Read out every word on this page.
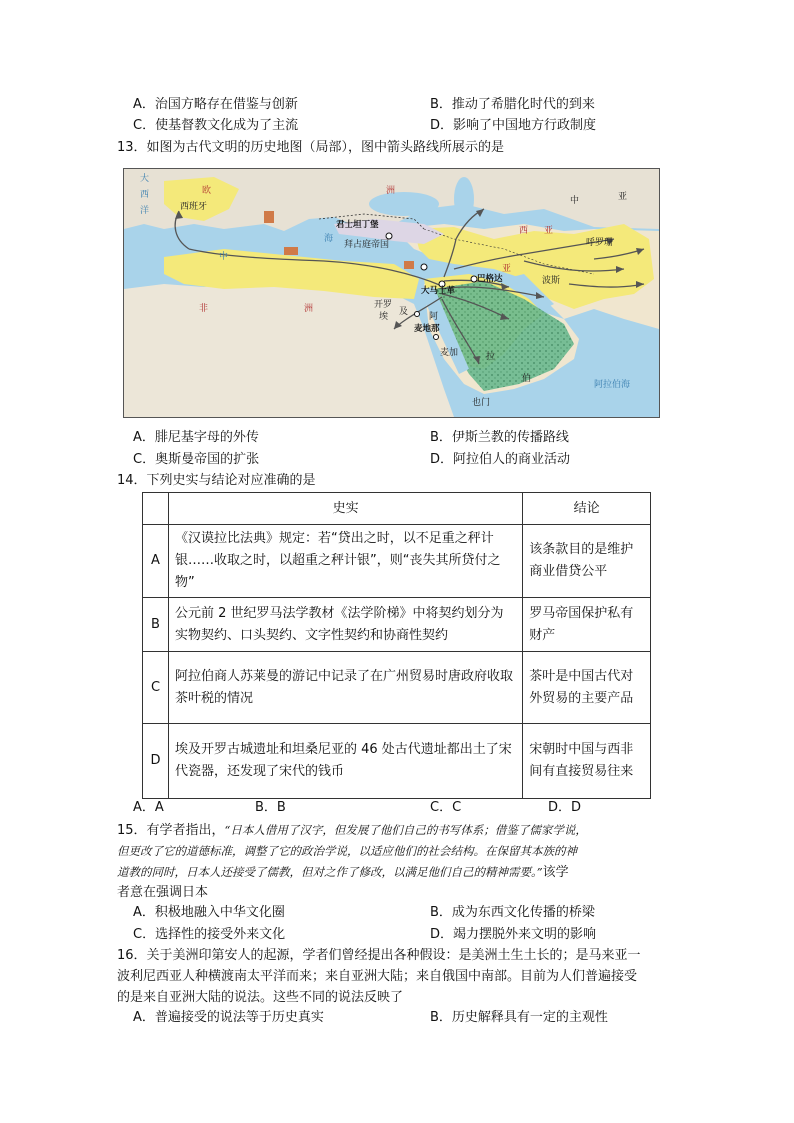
A．治国方略存在借鉴与创新	B．推动了希腊化时代的到来
C．使基督教文化成为了主流	D．影响了中国地方行政制度
13．如图为古代文明的历史地图（局部），图中箭头路线所展示的是
大
西
洋
欧	洲
西班牙
中
海
君士坦丁堡
拜占庭帝国
大马士革
巴格达
开罗
埃 及
亚
波斯
中	亚
呼罗珊
非	洲
阿
麦地那
麦加	拉
伯
也门
阿拉伯海
西 亚
A．腓尼基字母的外传	B．伊斯兰教的传播路线
C．奥斯曼帝国的扩张	D．阿拉伯人的商业活动
14．下列史实与结论对应准确的是
	史实	结论
A	《汉谟拉比法典》规定：若“贷出之时，以不足重之秤计银……收取之时，以超重之秤计银”，则“丧失其所贷付之物”	该条款目的是维护商业借贷公平
B	公元前 2 世纪罗马法学教材《法学阶梯》中将契约划分为实物契约、口头契约、文字性契约和协商性契约	罗马帝国保护私有财产
C	阿拉伯商人苏莱曼的游记中记录了在广州贸易时唐政府收取茶叶税的情况	茶叶是中国古代对外贸易的主要产品
D	埃及开罗古城遗址和坦桑尼亚的 46 处古代遗址都出土了宋代瓷器，还发现了宋代的钱币	宋朝时中国与西非间有直接贸易往来
A．A	B．B	C．C	D．D
15．有学者指出，“日本人借用了汉字，但发展了他们自己的书写体系；借鉴了儒家学说，
但更改了它的道德标准，调整了它的政治学说，以适应他们的社会结构。在保留其本族的神
道教的同时，日本人还接受了儒教，但对之作了修改，以满足他们自己的精神需要。”该学
者意在强调日本
A．积极地融入中华文化圈	B．成为东西文化传播的桥梁
C．选择性的接受外来文化	D．竭力摆脱外来文明的影响
16．关于美洲印第安人的起源，学者们曾经提出各种假设：是美洲土生土长的；是马来亚一
波利尼西亚人种横渡南太平洋而来；来自亚洲大陆；来自俄国中南部。目前为人们普遍接受
的是来自亚洲大陆的说法。这些不同的说法反映了
A．普遍接受的说法等于历史真实	B．历史解释具有一定的主观性
